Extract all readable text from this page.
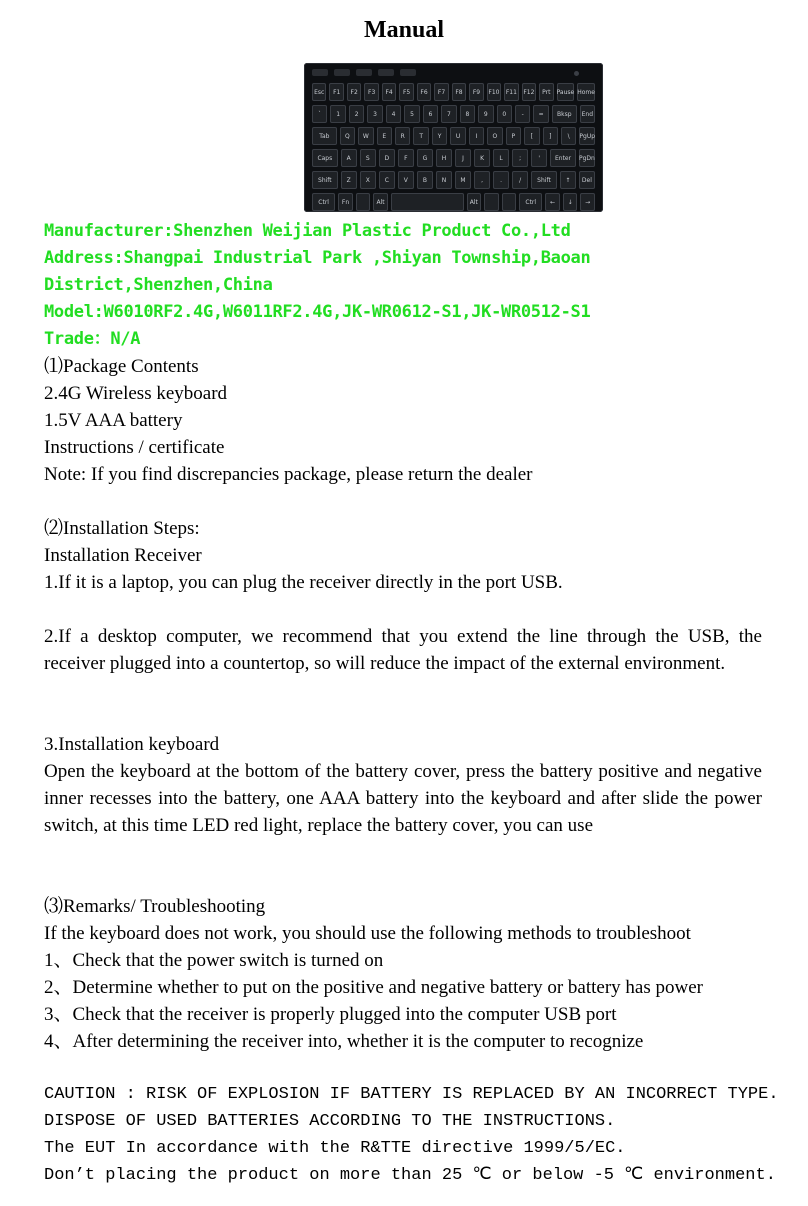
Manual
Esc	F1	F2	F3	F4	F5	F6	F7	F8	F9	F10 F11 F12	Prt	Pause Home
`	1	2	3	4	5	6	7	8	9	0	-	=	Bksp	End
Tab	Q	W	E	R	T	Y	U	I	O	P	[	]	\	PgUp
Caps	A	S	D	F	G	H	J	K	L	;	'	Enter	PgDn
Shift	Z	X	C	V	B	N	M	,	.	/	Shift	↑	Del
Ctrl	Fn	Alt	Alt	Ctrl	←	↓	→
Manufacturer:Shenzhen Weijian Plastic Product Co.,Ltd
Address:Shangpai Industrial Park ,Shiyan Township,Baoan
District,Shenzhen,China
Model:W6010RF2.4G,W6011RF2.4G,JK-WR0612-S1,JK-WR0512-S1
Trade：N/A
⑴Package Contents
2.4G Wireless keyboard
1.5V AAA battery
Instructions / certificate
Note: If you find discrepancies package, please return the dealer
⑵Installation Steps:
Installation Receiver
1.If it is a laptop, you can plug the receiver directly in the port USB.
2.If a desktop computer, we recommend that you extend the line through the USB, the receiver plugged into a countertop, so will reduce the impact of the external environment.
3.Installation keyboard
Open the keyboard at the bottom of the battery cover, press the battery positive and negative inner recesses into the battery, one AAA battery into the keyboard and after slide the power switch, at this time LED red light, replace the battery cover, you can use
⑶Remarks/ Troubleshooting
If the keyboard does not work, you should use the following methods to troubleshoot
1、Check that the power switch is turned on
2、Determine whether to put on the positive and negative battery or battery has power
3、Check that the receiver is properly plugged into the computer USB port
4、After determining the receiver into, whether it is the computer to recognize
CAUTION : RISK OF EXPLOSION IF BATTERY IS REPLACED BY AN INCORRECT TYPE.
DISPOSE OF USED BATTERIES ACCORDING TO THE INSTRUCTIONS.
The EUT In accordance with the R&TTE directive 1999/5/EC.
Don’t placing the product on more than 25 ℃ or below -5 ℃ environment.
